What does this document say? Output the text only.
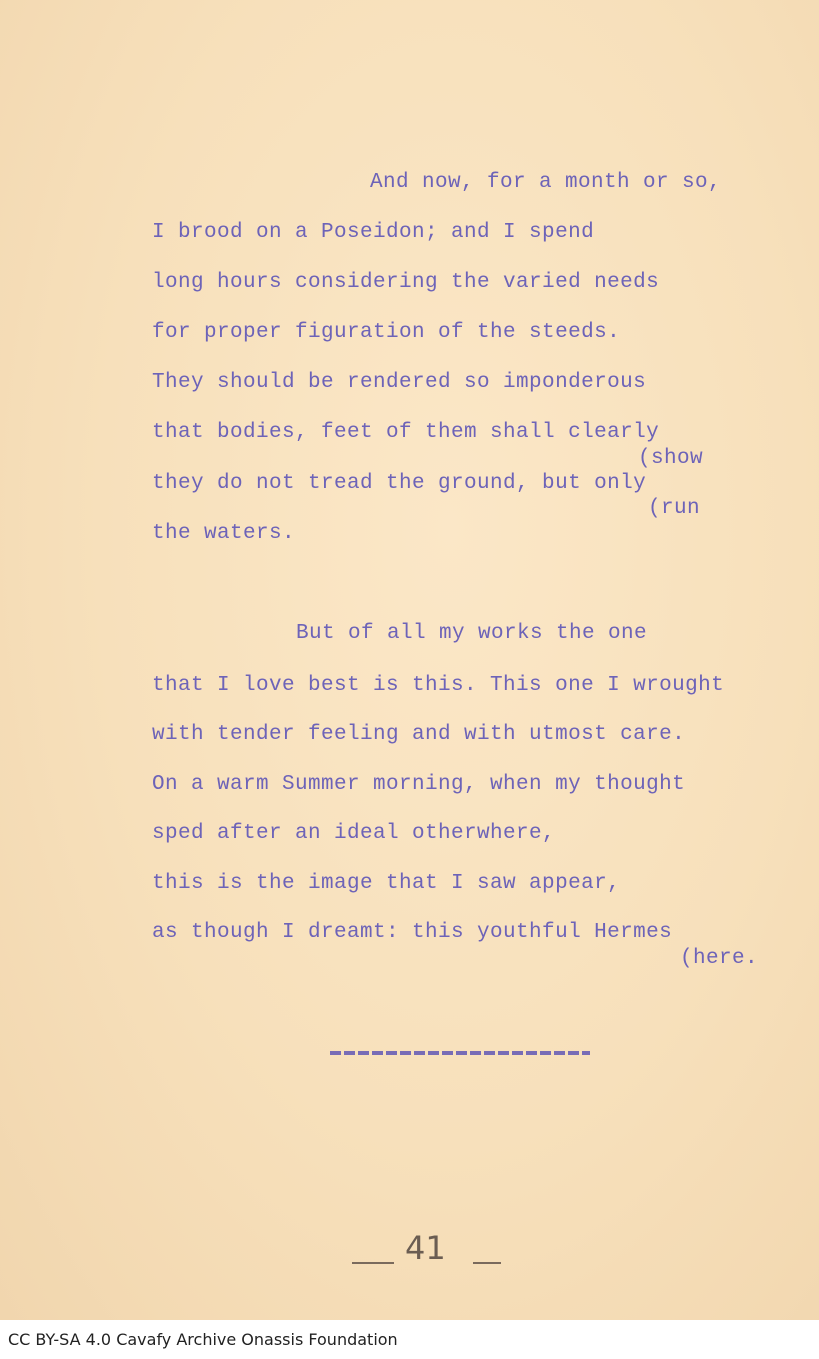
And now, for a month or so,
I brood on a Poseidon; and I spend
long hours considering the varied needs
for proper figuration of the steeds.
They should be rendered so imponderous
that bodies, feet of them shall clearly
(show
they do not tread the ground, but only
(run
the waters.
But of all my works the one
that I love best is this. This one I wrought
with tender feeling and with utmost care.
On a warm Summer morning, when my thought
sped after an ideal otherwhere,
this is the image that I saw appear,
as though I dreamt: this youthful Hermes
(here.
41
CC BY-SA 4.0 Cavafy Archive Onassis Foundation
